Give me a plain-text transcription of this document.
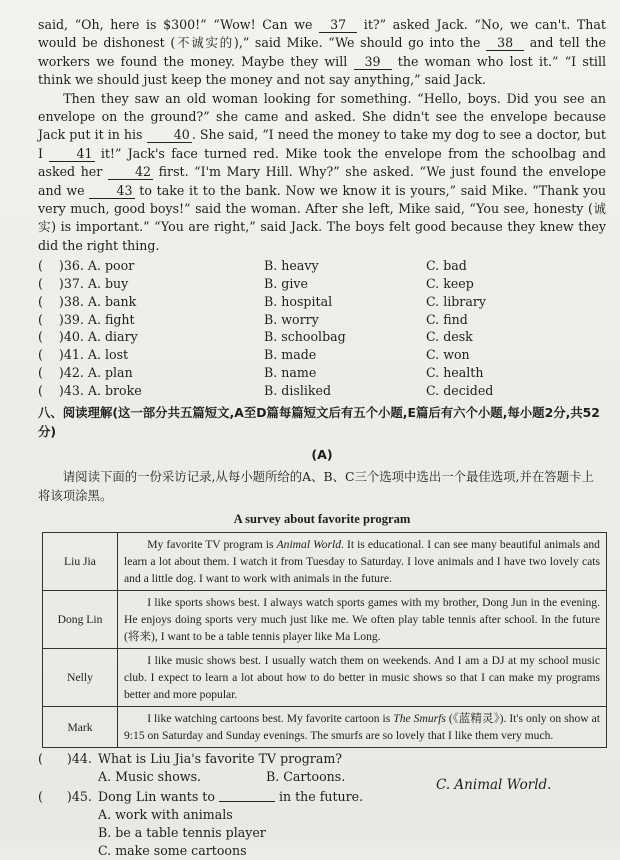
said, “Oh, here is $300!” “Wow! Can we 37 it?” asked Jack. “No, we can't. That would be dishonest (不诚实的),” said Mike. “We should go into the 38 and tell the workers we found the money. Maybe they will 39 the woman who lost it.” “I still think we should just keep the money and not say anything,” said Jack.

Then they saw an old woman looking for something. “Hello, boys. Did you see an envelope on the ground?” she came and asked. She didn't see the envelope because Jack put it in his 40 . She said, “I need the money to take my dog to see a doctor, but I	41 it!” Jack's face turned red. Mike took the envelope from the schoolbag and asked her	42 first. “I'm Mary Hill. Why?” she asked. “We just found the envelope and we	43 to take it to the bank. Now we know it is yours,” said Mike. “Thank you very much, good boys!” said the woman. After she left, Mike said, “You see, honesty (诚实) is important.” “You are right,” said Jack. The boys felt good because they knew they did the right thing.

(    )36. A. poor	B. heavy	C. bad
(    )37. A. buy	B. give	C. keep
(    )38. A. bank	B. hospital	C. library
(    )39. A. fight	B. worry	C. find
(    )40. A. diary	B. schoolbag	C. desk
(    )41. A. lost	B. made	C. won
(    )42. A. plan	B. name	C. health
(    )43. A. broke	B. disliked	C. decided

八、阅读理解(这一部分共五篇短文,A至D篇每篇短文后有五个小题,E篇后有六个小题,每小题2分,共52分)

(A)

请阅读下面的一份采访记录,从每小题所给的A、B、C三个选项中选出一个最佳选项,并在答题卡上将该项涂黑。

A survey about favorite program

Liu Jia	My favorite TV program is Animal World. It is educational. I can see many beautiful animals and learn a lot about them. I watch it from Tuesday to Saturday. I love animals and I have two lovely cats and a little dog. I want to work with animals in the future.
Dong Lin	I like sports shows best. I always watch sports games with my brother, Dong Jun in the evening. He enjoys doing sports very much just like me. We often play table tennis after school. In the future (将来), I want to be a table tennis player like Ma Long.
Nelly	I like music shows best. I usually watch them on weekends. And I am a DJ at my school music club. I expect to learn a lot about how to do better in music shows so that I can make my programs better and more popular.
Mark	I like watching cartoons best. My favorite cartoon is The Smurfs (《蓝精灵》). It's only on show at 9:15 on Saturday and Sunday evenings. The smurfs are so lovely that I like them very much.
(      )44. What is Liu Jia's favorite TV program?
A. Music shows.	B. Cartoons.
C. Animal World.
(      )45. Dong Lin wants to	in the future.
A. work with animals
B. be a table tennis player
C. make some cartoons
